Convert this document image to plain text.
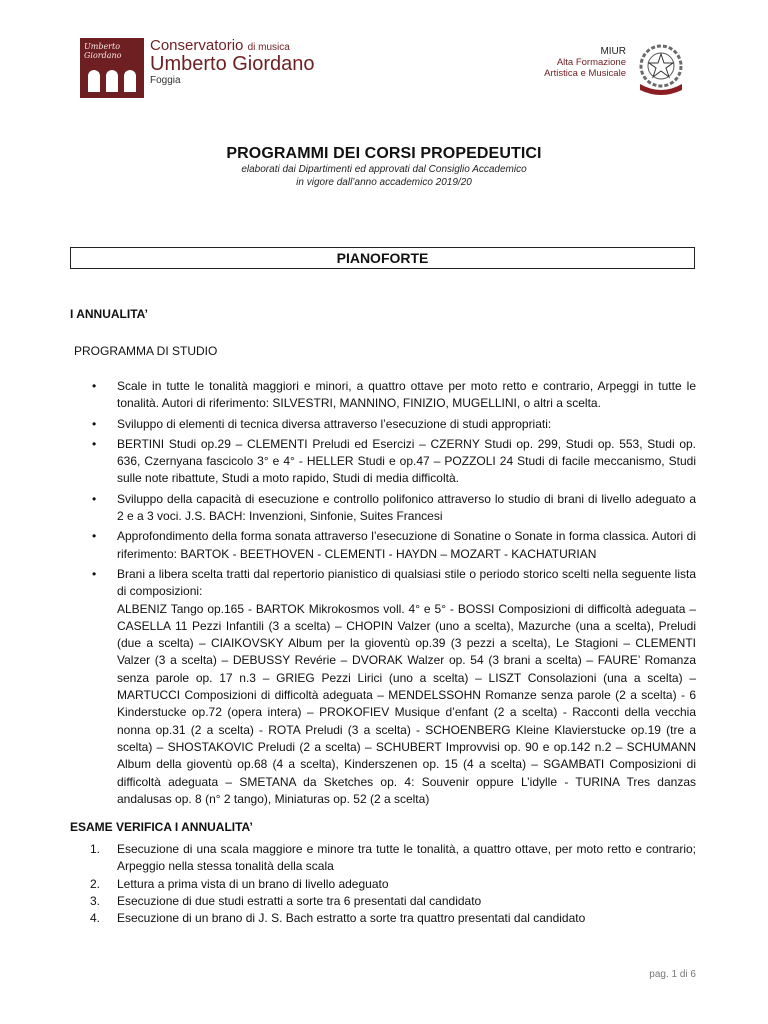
Umberto Giordano
Conservatorio di musica
Umberto Giordano
Foggia
MIUR
Alta Formazione
Artistica e Musicale
PROGRAMMI DEI CORSI PROPEDEUTICI
elaborati dai Dipartimenti ed approvati dal Consiglio Accademico
in vigore dall’anno accademico 2019/20
PIANOFORTE
I ANNUALITA’
PROGRAMMA DI STUDIO
• Scale in tutte le tonalità maggiori e minori, a quattro ottave per moto retto e contrario, Arpeggi in tutte le tonalità. Autori di riferimento: SILVESTRI, MANNINO, FINIZIO, MUGELLINI, o altri a scelta.
• Sviluppo di elementi di tecnica diversa attraverso l’esecuzione di studi appropriati:
• BERTINI Studi op.29 – CLEMENTI Preludi ed Esercizi – CZERNY Studi op. 299, Studi op. 553, Studi op. 636, Czernyana fascicolo 3° e 4° - HELLER Studi e op.47 – POZZOLI 24 Studi di facile meccanismo, Studi sulle note ribattute, Studi a moto rapido, Studi di media difficoltà.
• Sviluppo della capacità di esecuzione e controllo polifonico attraverso lo studio di brani di livello adeguato a 2 e a 3 voci. J.S. BACH: Invenzioni, Sinfonie, Suites Francesi
• Approfondimento della forma sonata attraverso l’esecuzione di Sonatine o Sonate in forma classica. Autori di riferimento: BARTOK - BEETHOVEN - CLEMENTI - HAYDN – MOZART - KACHATURIAN
• Brani a libera scelta tratti dal repertorio pianistico di qualsiasi stile o periodo storico scelti nella seguente lista di composizioni:
ALBENIZ Tango op.165 - BARTOK Mikrokosmos voll. 4° e 5° - BOSSI Composizioni di difficoltà adeguata – CASELLA 11 Pezzi Infantili (3 a scelta) – CHOPIN Valzer (uno a scelta), Mazurche (una a scelta), Preludi (due a scelta) – CIAIKOVSKY Album per la gioventù op.39 (3 pezzi a scelta), Le Stagioni – CLEMENTI Valzer (3 a scelta) – DEBUSSY Revérie – DVORAK Walzer op. 54 (3 brani a scelta) – FAURE’ Romanza senza parole op. 17 n.3 – GRIEG Pezzi Lirici (uno a scelta) – LISZT Consolazioni (una a scelta) – MARTUCCI Composizioni di difficoltà adeguata – MENDELSSOHN Romanze senza parole (2 a scelta) - 6 Kinderstucke op.72 (opera intera) – PROKOFIEV Musique d’enfant (2 a scelta) - Racconti della vecchia nonna op.31 (2 a scelta) - ROTA Preludi (3 a scelta) - SCHOENBERG Kleine Klavierstucke op.19 (tre a scelta) – SHOSTAKOVIC Preludi (2 a scelta) – SCHUBERT Improvvisi op. 90 e op.142 n.2 – SCHUMANN Album della gioventù op.68 (4 a scelta), Kinderszenen op. 15 (4 a scelta) – SGAMBATI Composizioni di difficoltà adeguata – SMETANA da Sketches op. 4: Souvenir oppure L’idylle - TURINA Tres danzas andalusas op. 8 (n° 2 tango), Miniaturas op. 52 (2 a scelta)
ESAME VERIFICA I ANNUALITA’
1. Esecuzione di una scala maggiore e minore tra tutte le tonalità, a quattro ottave, per moto retto e contrario; Arpeggio nella stessa tonalità della scala
2. Lettura a prima vista di un brano di livello adeguato
3. Esecuzione di due studi estratti a sorte tra 6 presentati dal candidato
4. Esecuzione di un brano di J. S. Bach estratto a sorte tra quattro presentati dal candidato
pag. 1 di 6
